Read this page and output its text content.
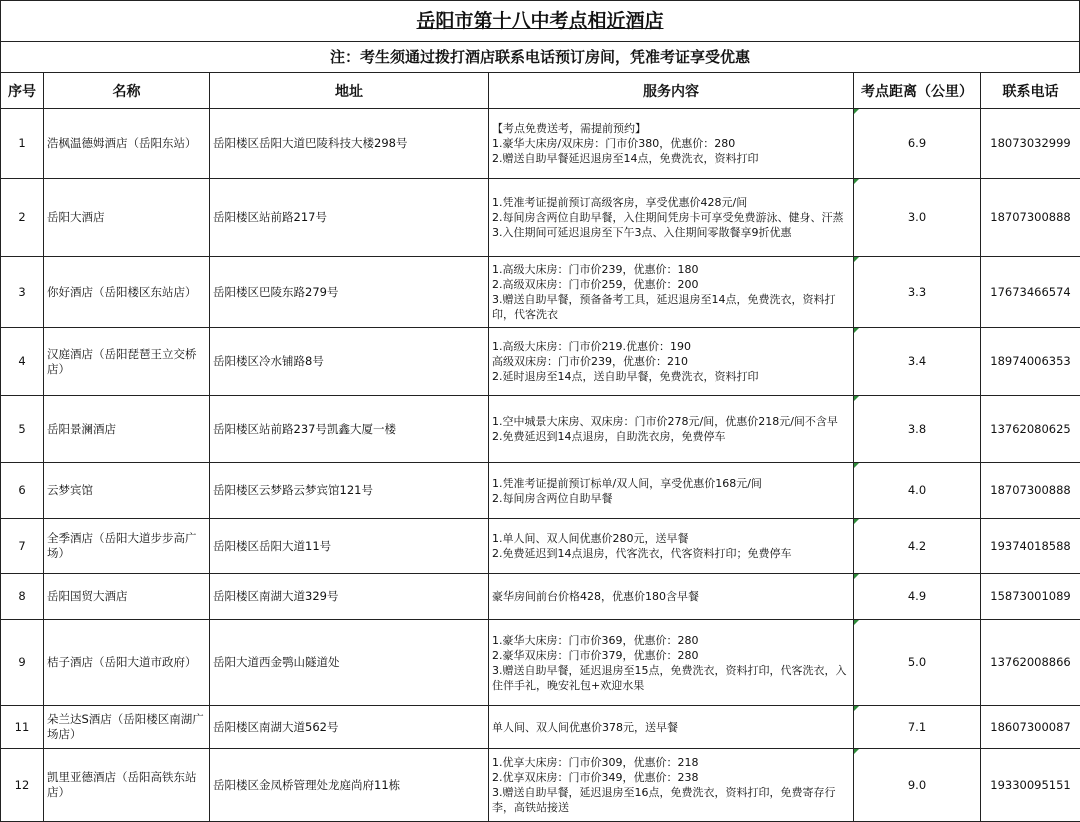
岳阳市第十八中考点相近酒店
注：考生须通过拨打酒店联系电话预订房间，凭准考证享受优惠
序号	名称	地址	服务内容	考点距离（公里）	联系电话
1	浩枫温德姆酒店（岳阳东站）	岳阳楼区岳阳大道巴陵科技大楼298号	【考点免费送考，需提前预约】
1.豪华大床房/双床房：门市价380，优惠价：280
2.赠送自助早餐延迟退房至14点，免费洗衣，资料打印	6.9	18073032999
2	岳阳大酒店	岳阳楼区站前路217号	1.凭准考证提前预订高级客房，享受优惠价428元/间
2.每间房含两位自助早餐，入住期间凭房卡可享受免费游泳、健身、汗蒸
3.入住期间可延迟退房至下午3点、入住期间零散餐享9折优惠	3.0	18707300888
3	你好酒店（岳阳楼区东站店）	岳阳楼区巴陵东路279号	1.高级大床房：门市价239，优惠价：180
2.高级双床房：门市价259，优惠价：200
3.赠送自助早餐，预备备考工具，延迟退房至14点，免费洗衣，资料打印，代客洗衣	3.3	17673466574
4	汉庭酒店（岳阳琵琶王立交桥店）	岳阳楼区冷水铺路8号	1.高级大床房：门市价219.优惠价：190
高级双床房：门市价239，优惠价：210
2.延时退房至14点，送自助早餐，免费洗衣，资料打印	3.4	18974006353
5	岳阳景澜酒店	岳阳楼区站前路237号凯鑫大厦一楼	1.空中城景大床房、双床房：门市价278元/间，优惠价218元/间不含早
2.免费延迟到14点退房，自助洗衣房，免费停车	3.8	13762080625
6	云梦宾馆	岳阳楼区云梦路云梦宾馆121号	1.凭准考证提前预订标单/双人间，享受优惠价168元/间
2.每间房含两位自助早餐	4.0	18707300888
7	全季酒店（岳阳大道步步高广场）	岳阳楼区岳阳大道11号	1.单人间、双人间优惠价280元，送早餐
2.免费延迟到14点退房，代客洗衣，代客资料打印；免费停车	4.2	19374018588
8	岳阳国贸大酒店	岳阳楼区南湖大道329号	豪华房间前台价格428，优惠价180含早餐	4.9	15873001089
9	桔子酒店（岳阳大道市政府）	岳阳大道西金鹗山隧道处	1.豪华大床房：门市价369，优惠价：280
2.豪华双床房：门市价379，优惠价：280
3.赠送自助早餐，延迟退房至15点，免费洗衣，资料打印，代客洗衣，入住伴手礼，晚安礼包+欢迎水果	5.0	13762008866
11	朵兰达S酒店（岳阳楼区南湖广场店）	岳阳楼区南湖大道562号	单人间、双人间优惠价378元，送早餐	7.1	18607300087
12	凯里亚德酒店（岳阳高铁东站店）	岳阳楼区金凤桥管理处龙庭尚府11栋	1.优享大床房：门市价309，优惠价：218
2.优享双床房：门市价349，优惠价：238
3.赠送自助早餐，延迟退房至16点，免费洗衣，资料打印，免费寄存行李，高铁站接送	9.0	19330095151
